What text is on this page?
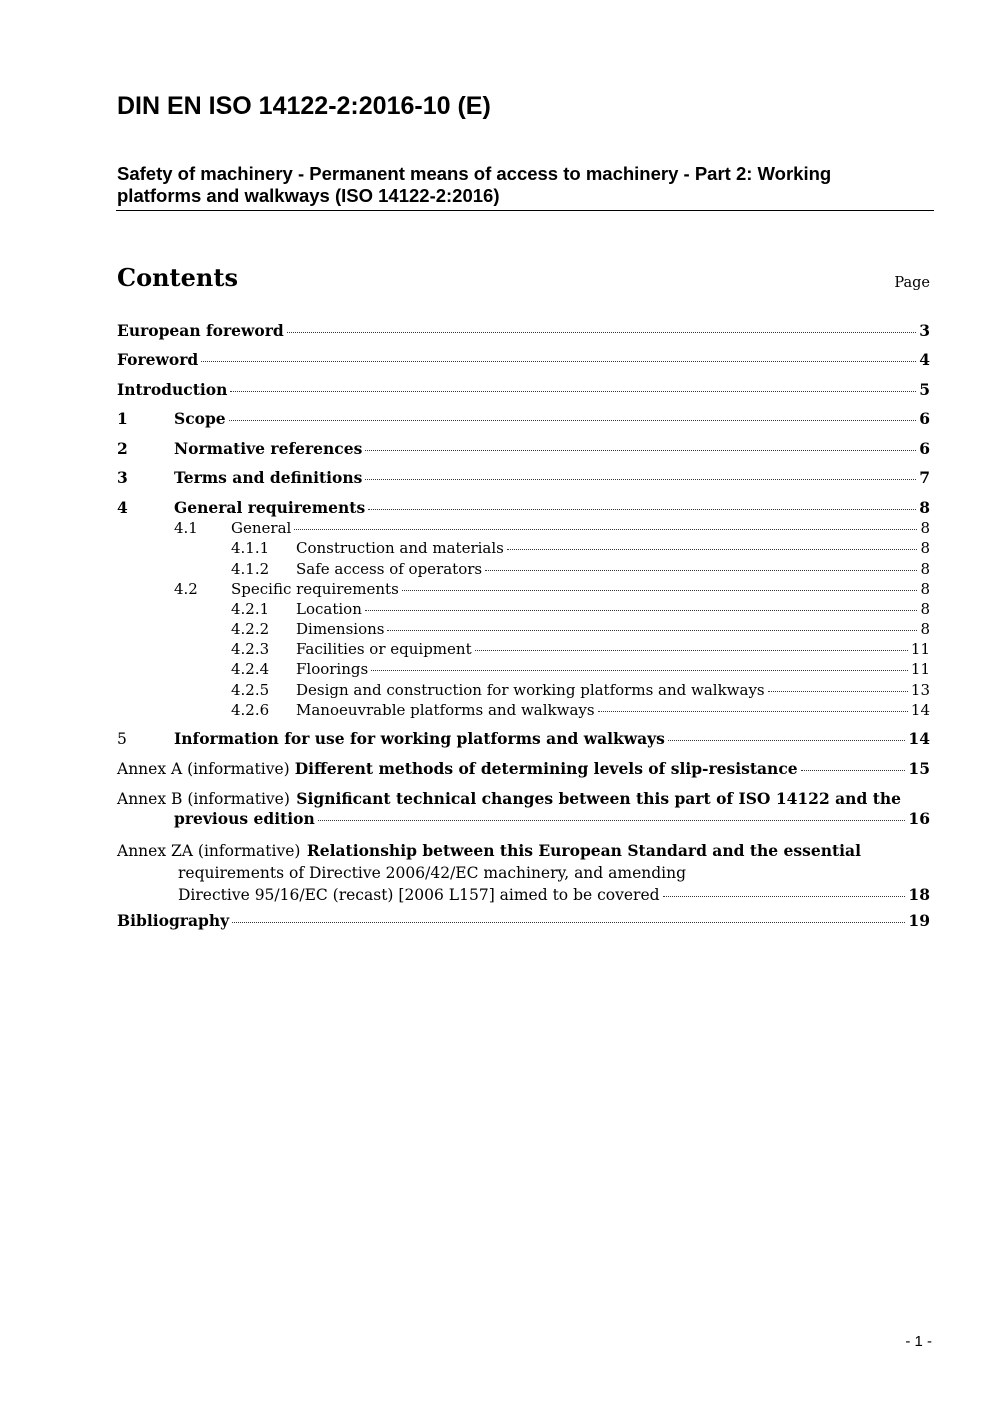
DIN EN ISO 14122-2:2016-10 (E)
Safety of machinery - Permanent means of access to machinery - Part 2: Working platforms and walkways (ISO 14122-2:2016)
Contents	Page
European foreword	3
Foreword	4
Introduction	5
1	Scope	6
2	Normative references	6
3	Terms and definitions	7
4	General requirements	8
4.1	General	8
4.1.1	Construction and materials	8
4.1.2	Safe access of operators	8
4.2	Specific requirements	8
4.2.1	Location	8
4.2.2	Dimensions	8
4.2.3	Facilities or equipment	11
4.2.4	Floorings	11
4.2.5	Design and construction for working platforms and walkways	13
4.2.6	Manoeuvrable platforms and walkways	14
5	Information for use for working platforms and walkways	14
Annex A (informative) Different methods of determining levels of slip-resistance	15
Annex B (informative) Significant technical changes between this part of ISO 14122 and the
previous edition	16
Annex ZA (informative) Relationship between this European Standard and the essential
requirements of Directive 2006/42/EC machinery, and amending
Directive 95/16/EC (recast) [2006 L157] aimed to be covered	18
Bibliography	19
- 1 -
